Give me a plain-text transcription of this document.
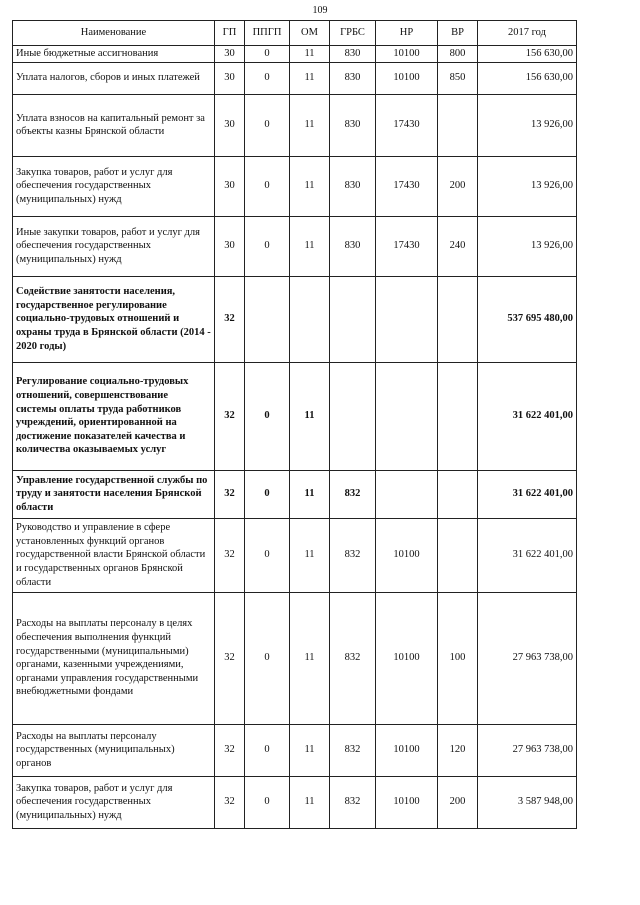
109
Наименование	ГП	ППГП	ОМ	ГРБС	НР	ВР	2017 год
Иные бюджетные ассигнования	30	0	11	830	10100	800	156 630,00
Уплата налогов, сборов и иных платежей	30	0	11	830	10100	850	156 630,00
Уплата взносов на капитальный ремонт за объекты казны Брянской области	30	0	11	830	17430		13 926,00
Закупка товаров, работ и услуг для обеспечения государственных (муниципальных) нужд	30	0	11	830	17430	200	13 926,00
Иные закупки товаров, работ и услуг для обеспечения государственных (муниципальных) нужд	30	0	11	830	17430	240	13 926,00
Содействие занятости населения, государственное регулирование социально-трудовых отношений и охраны труда в Брянской области (2014 - 2020 годы)	32						537 695 480,00
Регулирование социально-трудовых отношений, совершенствование системы оплаты труда работников учреждений, ориентированной на достижение показателей качества и количества оказываемых услуг	32	0	11				31 622 401,00
Управление государственной службы по труду и занятости населения Брянской области	32	0	11	832			31 622 401,00
Руководство и управление в сфере установленных функций органов государственной власти Брянской области и государственных органов Брянской области	32	0	11	832	10100		31 622 401,00
Расходы на выплаты персоналу в целях обеспечения выполнения функций государственными (муниципальными) органами, казенными учреждениями, органами управления государственными внебюджетными фондами	32	0	11	832	10100	100	27 963 738,00
Расходы на выплаты персоналу государственных (муниципальных) органов	32	0	11	832	10100	120	27 963 738,00
Закупка товаров, работ и услуг для обеспечения государственных (муниципальных) нужд	32	0	11	832	10100	200	3 587 948,00
